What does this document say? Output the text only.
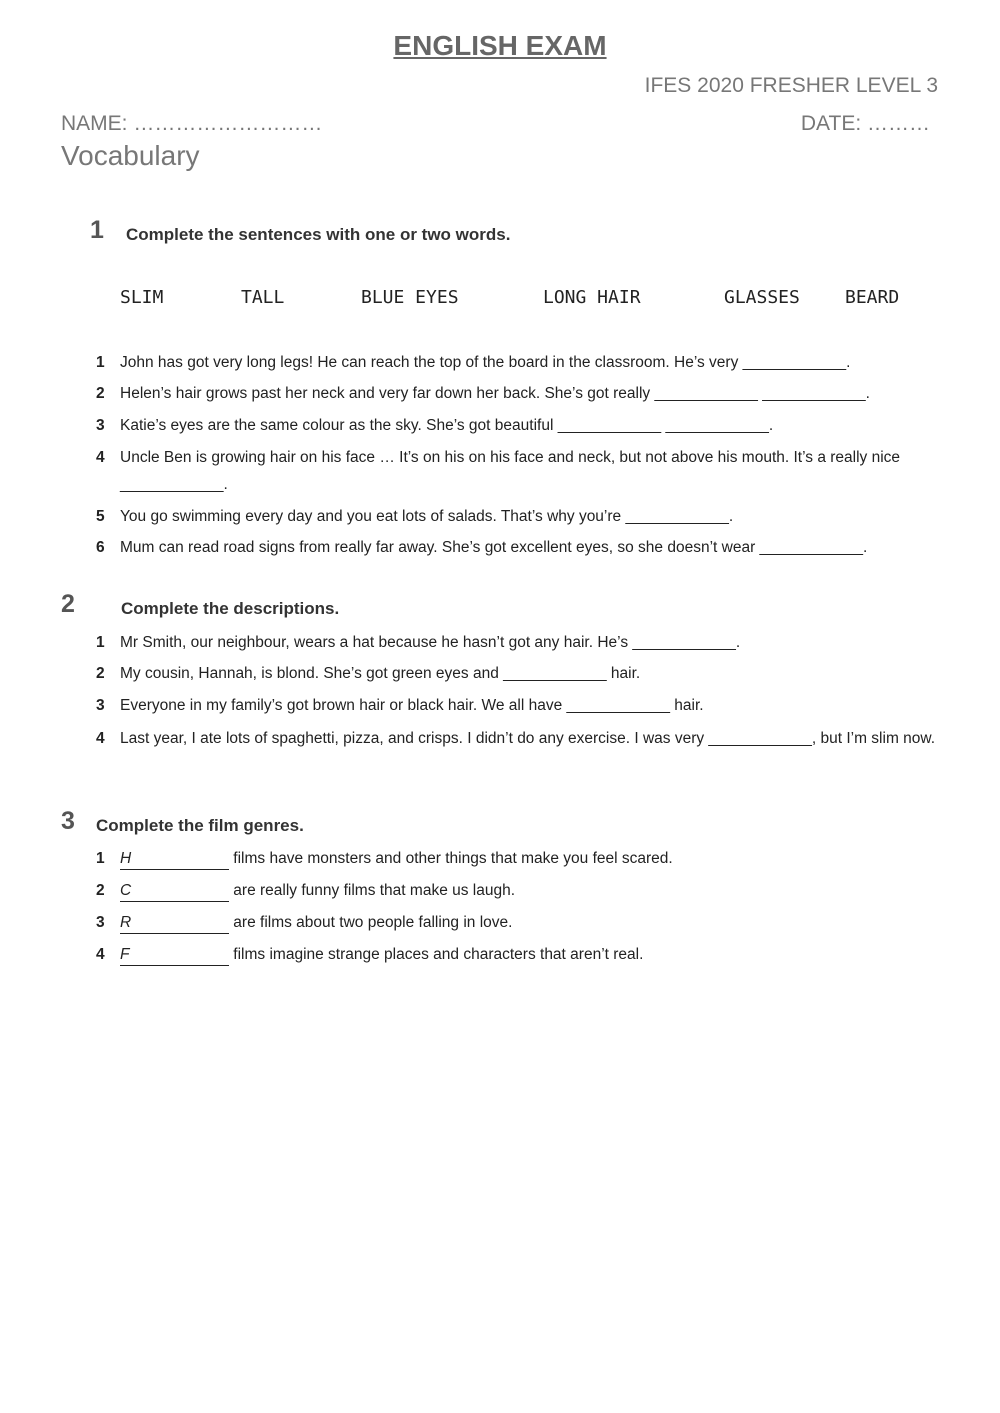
ENGLISH EXAM
IFES 2020 FRESHER LEVEL 3
NAME: ………………………	DATE: ………
Vocabulary
1 Complete the sentences with one or two words.
SLIM	TALL	BLUE EYES	LONG HAIR	GLASSES	BEARD
1 John has got very long legs! He can reach the top of the board in the classroom. He’s very ____________.
2 Helen’s hair grows past her neck and very far down her back. She’s got really ____________ ____________.
3 Katie’s eyes are the same colour as the sky. She’s got beautiful ____________ ____________.
4 Uncle Ben is growing hair on his face … It’s on his on his face and neck, but not above his mouth. It’s a really nice ____________.
5 You go swimming every day and you eat lots of salads. That’s why you’re ____________.
6 Mum can read road signs from really far away. She’s got excellent eyes, so she doesn’t wear ____________.
2	Complete the descriptions.
1 Mr Smith, our neighbour, wears a hat because he hasn’t got any hair. He’s ____________.
2 My cousin, Hannah, is blond. She’s got green eyes and ____________ hair.
3 Everyone in my family’s got brown hair or black hair. We all have ____________ hair.
4 Last year, I ate lots of spaghetti, pizza, and crisps. I didn’t do any exercise. I was very ____________, but I’m slim now.
3 Complete the film genres.
1 H	films have monsters and other things that make you feel scared.
2 C	are really funny films that make us laugh.
3 R	are films about two people falling in love.
4 F	films imagine strange places and characters that aren’t real.
